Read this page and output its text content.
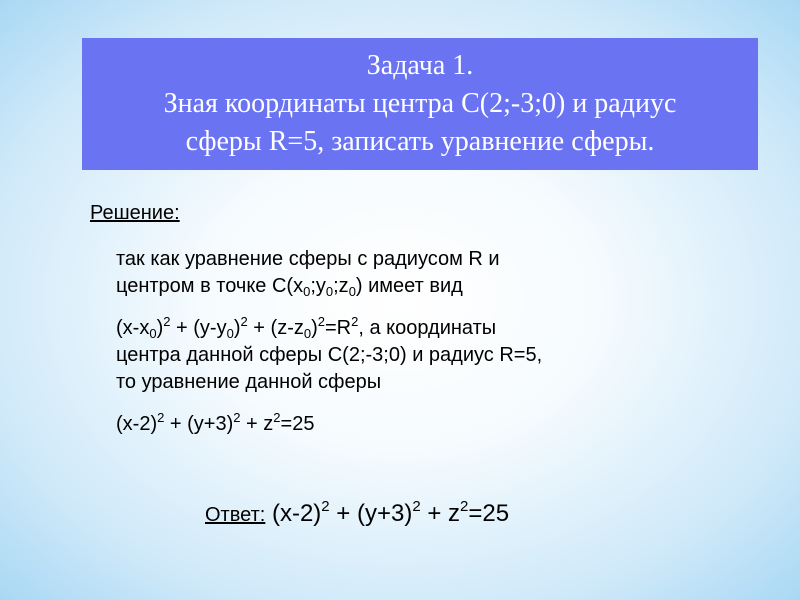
Задача 1.
Зная координаты центра С(2;-3;0) и радиус
сферы R=5, записать уравнение сферы.
Решение:
так как уравнение сферы с радиусом R и
центром в точке $С(х_0;у_0;z_0)$ имеет вид
$(х-х_0)^2 + (у-у_0)^2 + (z-z_0)^2=R^2$, а координаты
центра данной сферы С(2;-3;0) и радиус R=5,
то уравнение данной сферы
$(х-2)^2 + (у+3)^2 + z^2=25$
Ответ: $(х-2)^2 + (у+3)^2 + z^2=25$
